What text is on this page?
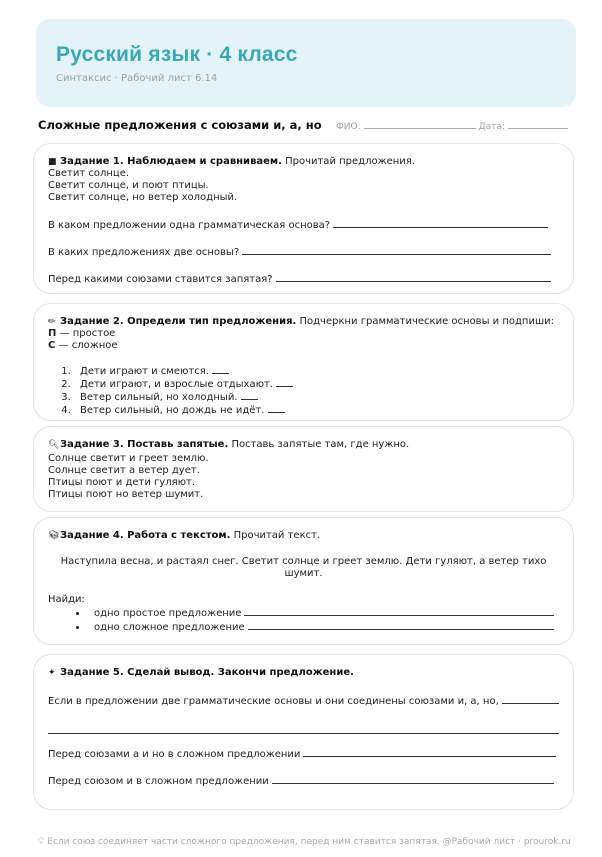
Русский язык · 4 класс
Синтаксис · Рабочий лист 6.14
Сложные предложения с союзами и, а, но ФИО:	Дата:
■ Задание 1. Наблюдаем и сравниваем. Прочитай предложения.
Светит солнце.
Светит солнце, и поют птицы.
Светит солнце, но ветер холодный.
В каком предложении одна грамматическая основа?
В каких предложениях две основы?
Перед какими союзами ставится запятая?
✏ Задание 2. Определи тип предложения. Подчеркни грамматические основы и подпиши:
П — простое
С — сложное
1. Дети играют и смеются.
2. Дети играют, и взрослые отдыхают.
3. Ветер сильный, но холодный.
4. Ветер сильный, но дождь не идёт.
🔍︎Задание 3. Поставь запятые. Поставь запятые там, где нужно.
Солнце светит и греет землю.
Солнце светит а ветер дует.
Птицы поют и дети гуляют.
Птицы поют но ветер шумит.
📚︎Задание 4. Работа с текстом. Прочитай текст.
Наступила весна, и растаял снег. Светит солнце и греет землю. Дети гуляют, а ветер тихо шумит.
Найди:
• одно простое предложение
• одно сложное предложение
✦ Задание 5. Сделай вывод. Закончи предложение.
Если в предложении две грамматические основы и они соединены союзами и, а, но,
Перед союзами а и но в сложном предложении
Перед союзом и в сложном предложении
💡︎ Если союз соединяет части сложного предложения, перед ним ставится запятая. @Рабочий лист · prourok.ru
